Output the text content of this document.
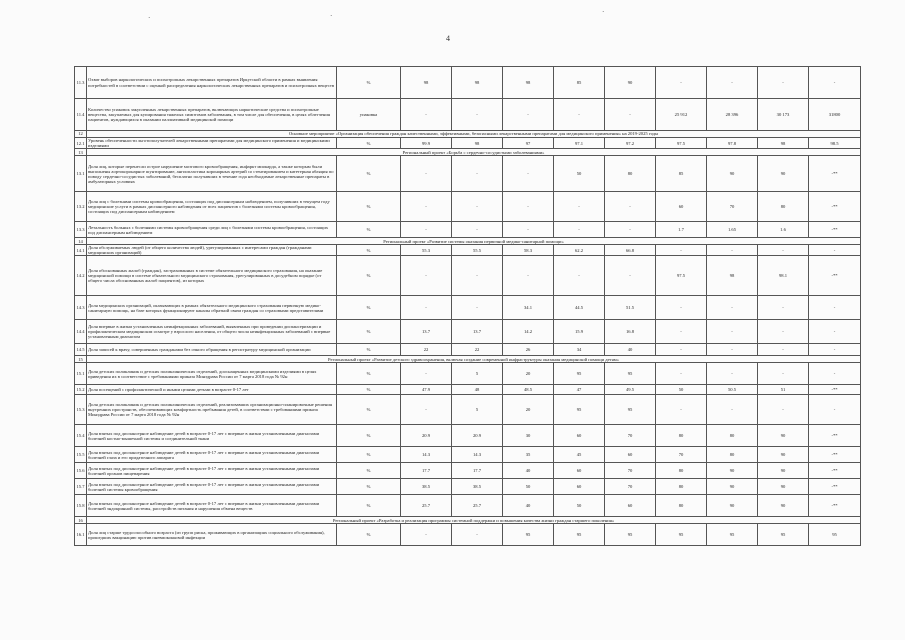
4
·	·	·
11.3	Охват выборов наркологических и психотропных лекарственных препаратов Иркутской области в рамках выявления потребностей в соответствии с оценкой распределения наркологических лекарственных препаратов и психотропных веществ	%	98	98	98	85	90	-	-	-	-
11.4	Количество упаковок закупленных лекарственных препаратов, включающих наркотические средства и психотропные вещества, закупаемых для купирования тяжелых симптомов заболевания, в том числе для обеспечения, в целях облегчения пациентов, нуждающихся в оказании паллиативной медицинской помощи	упаковка	-	-	-	-	-	25 912	28 396	30 173	31800
12	Основное мероприятие «Организация обеспечения граждан качественными, эффективными, безопасными лекарственными препаратами для медицинского применения» на 2019-2025 годы										
12.1	Уровень обеспеченности льготополучателей лекарственными препаратами для медицинского применения и медицинскими изделиями	%	99.9	98	97	97.1	97.2	97.5	97.8	98	98.5
13	Региональный проект «Борьба с сердечно-сосудистыми заболеваниями»										
13.1	Доля лиц, которые перенесли острое нарушение мозгового кровообращения, инфаркт миокарда, а также которым были выполнены аортокоронарное шунтирование, ангиопластика коронарных артерий со стентированием и катетерная абляция по поводу сердечно-сосудистых заболеваний, бесплатно получавших в течение года необходимые лекарственные препараты в амбулаторных условиях	%	-	-	-	50	80	85	90	90	-**
13.2	Доля лиц с болезнями системы кровообращения, состоящих под диспансерным наблюдением, получивших в текущем году медицинские услуги в рамках диспансерного наблюдения от всех пациентов с болезнями системы кровообращения, состоящих под диспансерным наблюдением	%	-	-	-	-	-	60	70	80	-**
13.3	Летальность больных с болезнями системы кровообращения среди лиц с болезнями системы кровообращения, состоящих под диспансерным наблюдением	%	-	-	-	-	-	1.7	1.65	1.6	-**
14	Региональный проект «Развитие системы оказания первичной медико-санитарной помощи»										
14.1	Доля обслуживаемых людей (от общего количества людей), урегулированных с интересами граждан (гражданами медицинских организаций)	%	55.3	55.5	58.3	62.2	66.8	-	-	-	-
14.2	Доля обоснованных жалоб (граждан), застрахованных в системе обязательного медицинского страхования, на оказание медицинской помощи в системе обязательного медицинского страхования, урегулированных в досудебном порядке (от общего числа обоснованных жалоб пациентов), из которых	%	-	-	-	-	-	97.5	98	98.1	-**
14.3	Доля медицинских организаций, оказывающих в рамках обязательного медицинского страхования первичную медико-санитарную помощь, на базе которых функционируют каналы обратной связи граждан со страховыми представителями	%	-	-	34.1	44.5	51.5	-	-	-	-
14.4	Доля впервые в жизни установленных неинфекционных заболеваний, выявленных при проведении диспансеризации и профилактическом медицинском осмотре у взрослого населения, от общего числа неинфекционных заболеваний с впервые установленным диагнозом	%	13.7	13.7	14.2	15.9	16.8	-	-	-	-
14.5	Доля записей к врачу, совершенных гражданами без очного обращения в регистратуру медицинской организации	%	22	22	26	34	40	-	-	-	-
15	Региональный проект «Развитие детского здравоохранения, включая создание современной инфраструктуры оказания медицинской помощи детям»										
15.1	Доля детских поликлиник и детских поликлинических отделений, дооснащенных медицинскими изделиями в целях приведения их в соответствие с требованиями приказа Минздрава России от 7 марта 2018 года № 92н	%	-	5	20	95	95	-	-	-	-
15.2	Доля посещений с профилактической и иными целями детьми в возрасте 0-17 лет	%	47.9	48	48.5	47	49.5	50	50.5	51	-**
15.3	Доля детских поликлиник и детских поликлинических отделений, реализовавших организационно-планировочные решения внутренних пространств, обеспечивающих комфортность пребывания детей, в соответствии с требованиями приказа Минздрава России от 7 марта 2018 года № 92н	%	-	5	20	95	95	-	-	-	-
15.4	Доля взятых под диспансерное наблюдение детей в возрасте 0-17 лет с впервые в жизни установленными диагнозами болезней костно-мышечной системы и соединительной ткани	%	20.9	20.9	30	60	70	80	80	90	-**
15.5	Доля взятых под диспансерное наблюдение детей в возрасте 0-17 лет с впервые в жизни установленными диагнозами болезней глаза и его придаточного аппарата	%	14.3	14.3	35	45	60	70	80	90	-**
15.6	Доля взятых под диспансерное наблюдение детей в возрасте 0-17 лет с впервые в жизни установленными диагнозами болезней органов пищеварения	%	17.7	17.7	40	60	70	80	90	90	-**
15.7	Доля взятых под диспансерное наблюдение детей в возрасте 0-17 лет с впервые в жизни установленными диагнозами болезней системы кровообращения	%	38.5	38.5	50	60	70	80	90	90	-**
15.8	Доля взятых под диспансерное наблюдение детей в возрасте 0-17 лет с впервые в жизни установленными диагнозами болезней эндокринной системы, расстройств питания и нарушения обмена веществ	%	25.7	25.7	40	50	60	80	90	90	-**
16	Региональный проект «Разработка и реализация программы системной поддержки и повышения качества жизни граждан старшего поколения»										
16.1	Доля лиц старше трудоспособного возраста (из групп риска, проживающих в организациях социального обслуживания), прошедших вакцинацию против пневмококковой инфекции	%	-	-	95	95	95	95	95	95	95
